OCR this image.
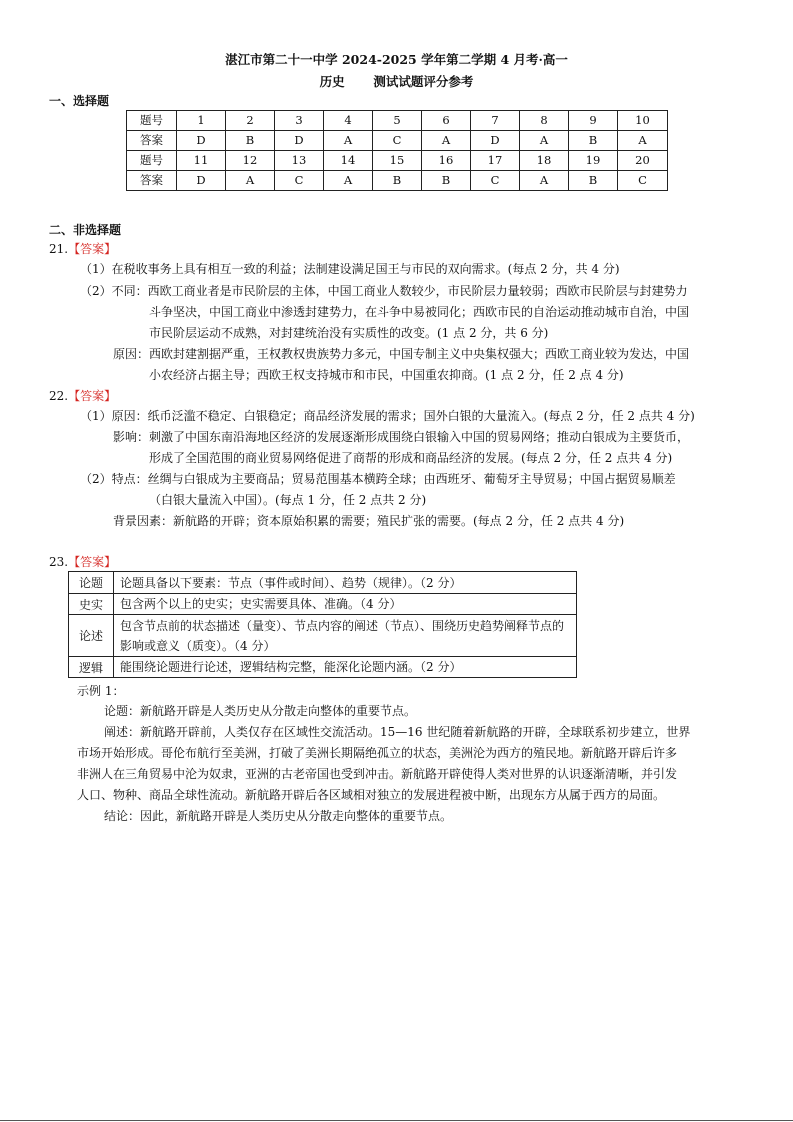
湛江市第二十一中学 2024-2025 学年第二学期 4 月考·高一
历史 测试试题评分参考
一、选择题
题号	1	2	3	4	5	6	7	8	9	10
答案	D	B	D	A	C	A	D	A	B	A
题号	11	12	13	14	15	16	17	18	19	20
答案	D	A	C	A	B	B	C	A	B	C
二、非选择题
21.【答案】
（1）在税收事务上具有相互一致的利益；法制建设满足国王与市民的双向需求。(每点 2 分，共 4 分)
（2）不同：西欧工商业者是市民阶层的主体，中国工商业人数较少，市民阶层力量较弱；西欧市民阶层与封建势力
斗争坚决，中国工商业中渗透封建势力，在斗争中易被同化；西欧市民的自治运动推动城市自治，中国
市民阶层运动不成熟，对封建统治没有实质性的改变。(1 点 2 分，共 6 分)
原因：西欧封建割据严重，王权教权贵族势力多元，中国专制主义中央集权强大；西欧工商业较为发达，中国
小农经济占据主导；西欧王权支持城市和市民，中国重农抑商。(1 点 2 分，任 2 点 4 分)
22.【答案】
（1）原因：纸币泛滥不稳定、白银稳定；商品经济发展的需求；国外白银的大量流入。(每点 2 分，任 2 点共 4 分)
影响：刺激了中国东南沿海地区经济的发展逐渐形成围绕白银输入中国的贸易网络；推动白银成为主要货币，
形成了全国范围的商业贸易网络促进了商帮的形成和商品经济的发展。(每点 2 分，任 2 点共 4 分)
（2）特点：丝绸与白银成为主要商品；贸易范围基本横跨全球；由西班牙、葡萄牙主导贸易；中国占据贸易顺差
（白银大量流入中国）。(每点 1 分，任 2 点共 2 分)
背景因素：新航路的开辟；资本原始积累的需要；殖民扩张的需要。(每点 2 分，任 2 点共 4 分)
23.【答案】
论题	论题具备以下要素：节点（事件或时间）、趋势（规律）。（2 分）
史实	包含两个以上的史实；史实需要具体、准确。（4 分）
论述	包含节点前的状态描述（量变）、节点内容的阐述（节点）、围绕历史趋势阐释节点的影响或意义（质变）。（4 分）
逻辑	能围绕论题进行论述，逻辑结构完整，能深化论题内涵。（2 分）
示例 1：
论题：新航路开辟是人类历史从分散走向整体的重要节点。
阐述：新航路开辟前，人类仅存在区域性交流活动。15—16 世纪随着新航路的开辟，全球联系初步建立，世界
市场开始形成。哥伦布航行至美洲，打破了美洲长期隔绝孤立的状态，美洲沦为西方的殖民地。新航路开辟后许多
非洲人在三角贸易中沦为奴隶，亚洲的古老帝国也受到冲击。新航路开辟使得人类对世界的认识逐渐清晰，并引发
人口、物种、商品全球性流动。新航路开辟后各区域相对独立的发展进程被中断，出现东方从属于西方的局面。
结论：因此，新航路开辟是人类历史从分散走向整体的重要节点。
